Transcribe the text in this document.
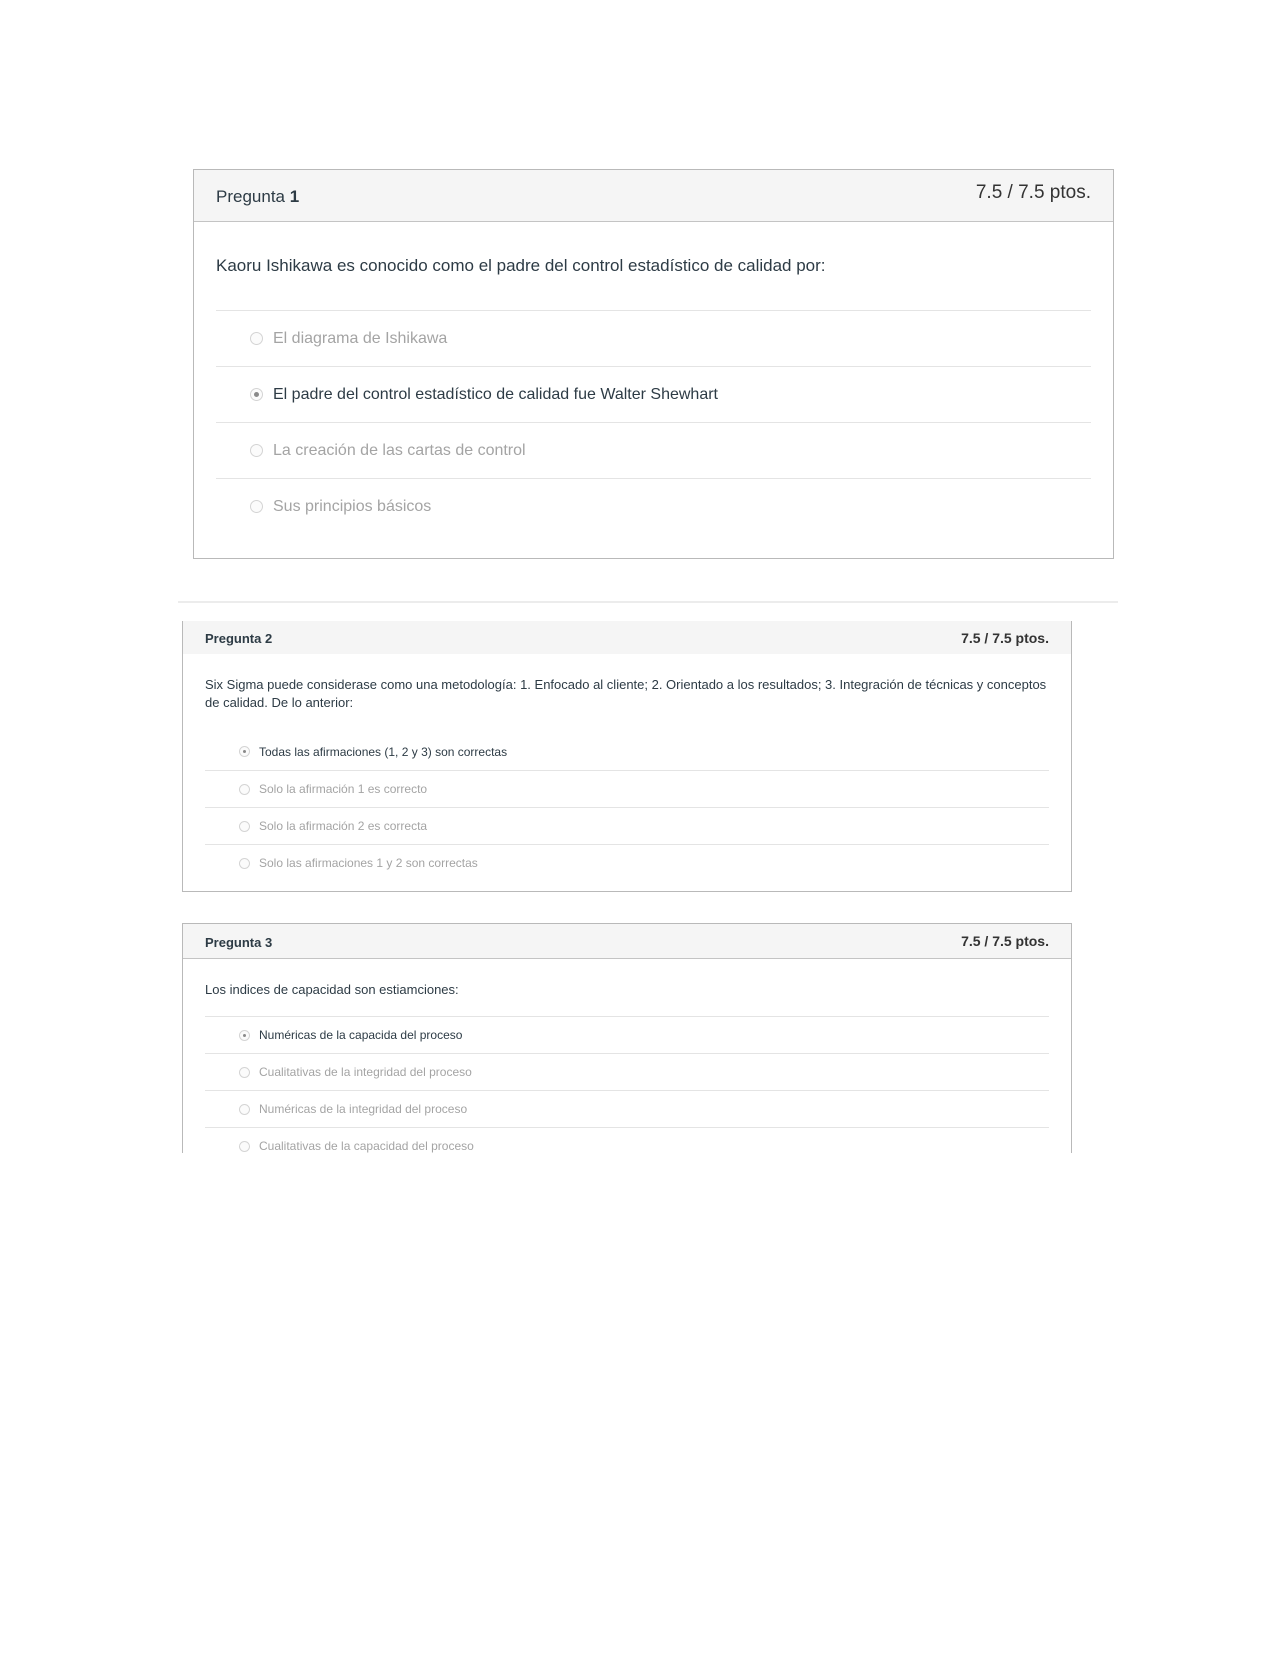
Pregunta 1	7.5 / 7.5 ptos.
Kaoru Ishikawa es conocido como el padre del control estadístico de calidad por:
El diagrama de Ishikawa
El padre del control estadístico de calidad fue Walter Shewhart
La creación de las cartas de control
Sus principios básicos
Pregunta 2	7.5 / 7.5 ptos.
Six Sigma puede considerase como una metodología: 1. Enfocado al cliente; 2. Orientado a los resultados; 3. Integración de técnicas y conceptos de calidad. De lo anterior:
Todas las afirmaciones (1, 2 y 3) son correctas
Solo la afirmación 1 es correcto
Solo la afirmación 2 es correcta
Solo las afirmaciones 1 y 2 son correctas
Pregunta 3	7.5 / 7.5 ptos.
Los indices de capacidad son estiamciones:
Numéricas de la capacida del proceso
Cualitativas de la integridad del proceso
Numéricas de la integridad del proceso
Cualitativas de la capacidad del proceso
